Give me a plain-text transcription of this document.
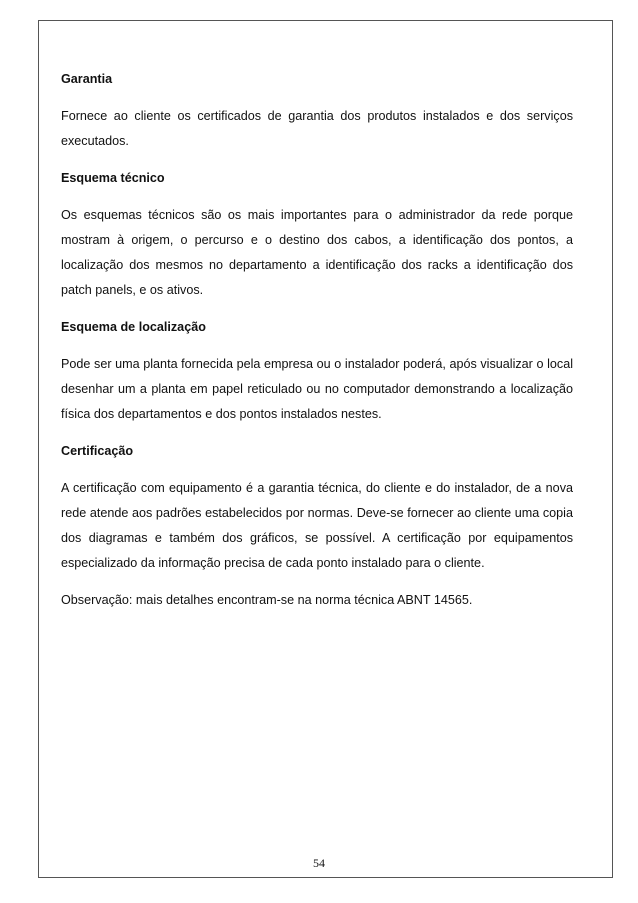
Garantia

Fornece ao cliente os certificados de garantia dos produtos instalados e dos serviços executados.

Esquema técnico

Os esquemas técnicos são os mais importantes para o administrador da rede porque mostram à origem, o percurso e o destino dos cabos, a identificação dos pontos, a localização dos mesmos no departamento a identificação dos racks a identificação dos patch panels, e os ativos.

Esquema de localização

Pode ser uma planta fornecida pela empresa ou o instalador poderá, após visualizar o local desenhar um a planta em papel reticulado ou no computador demonstrando a localização física dos departamentos e dos pontos instalados nestes.

Certificação

A certificação com equipamento é a garantia técnica, do cliente e do instalador, de a nova rede atende aos padrões estabelecidos por normas. Deve-se fornecer ao cliente uma copia dos diagramas e também dos gráficos, se possível. A certificação por equipamentos especializado da informação precisa de cada ponto instalado para o cliente.

Observação: mais detalhes encontram-se na norma técnica ABNT 14565.

54
